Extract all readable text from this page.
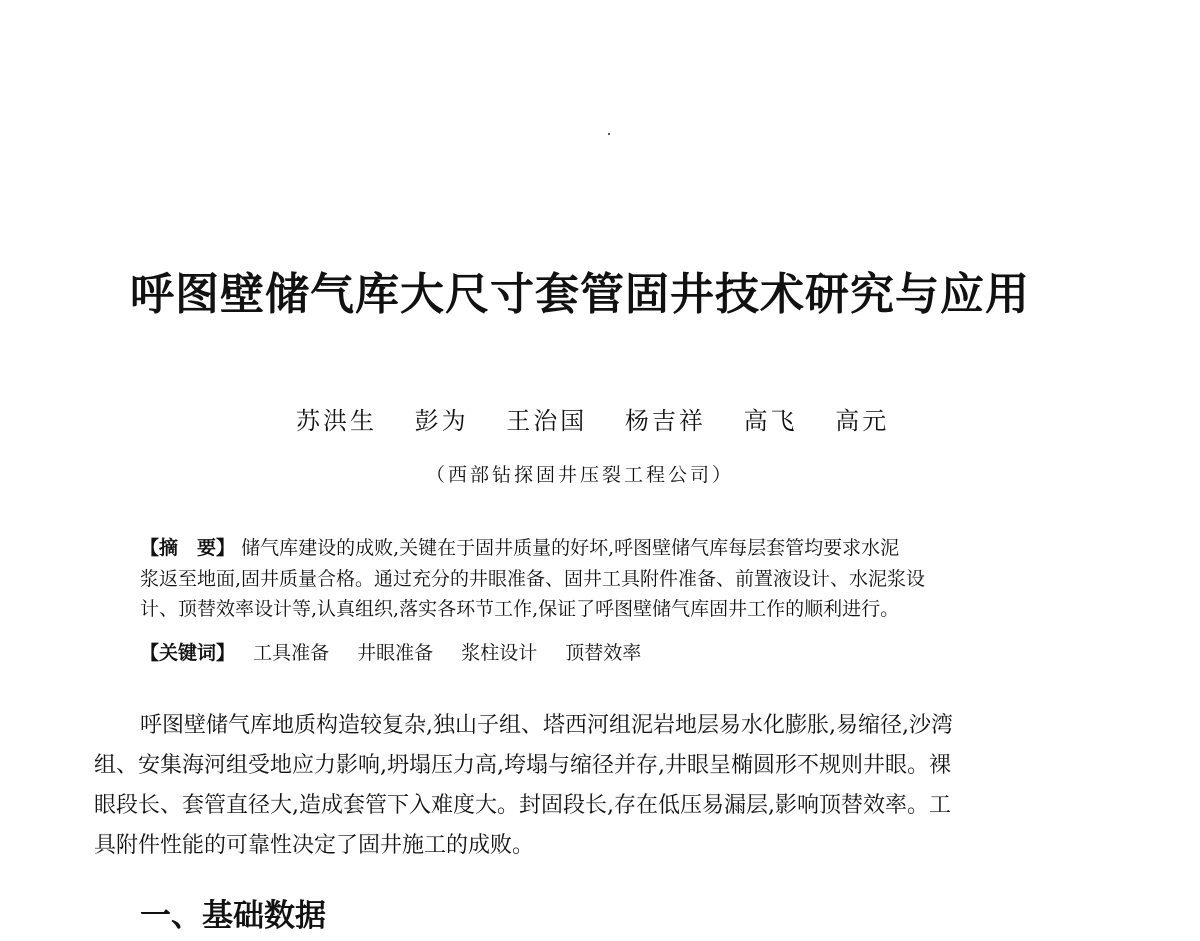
呼图壁储气库大尺寸套管固井技术研究与应用
苏洪生 彭为 王治国 杨吉祥 高飞 高元
（西部钻探固井压裂工程公司）
【摘　要】 储气库建设的成败,关键在于固井质量的好坏,呼图壁储气库每层套管均要求水泥
浆返至地面,固井质量合格。通过充分的井眼准备、固井工具附件准备、前置液设计、水泥浆设
计、顶替效率设计等,认真组织,落实各环节工作,保证了呼图壁储气库固井工作的顺利进行。
【关键词】 工具准备 井眼准备 浆柱设计 顶替效率
呼图壁储气库地质构造较复杂,独山子组、塔西河组泥岩地层易水化膨胀,易缩径,沙湾
组、安集海河组受地应力影响,坍塌压力高,垮塌与缩径并存,井眼呈椭圆形不规则井眼。裸
眼段长、套管直径大,造成套管下入难度大。封固段长,存在低压易漏层,影响顶替效率。工
具附件性能的可靠性决定了固井施工的成败。
一、基础数据
